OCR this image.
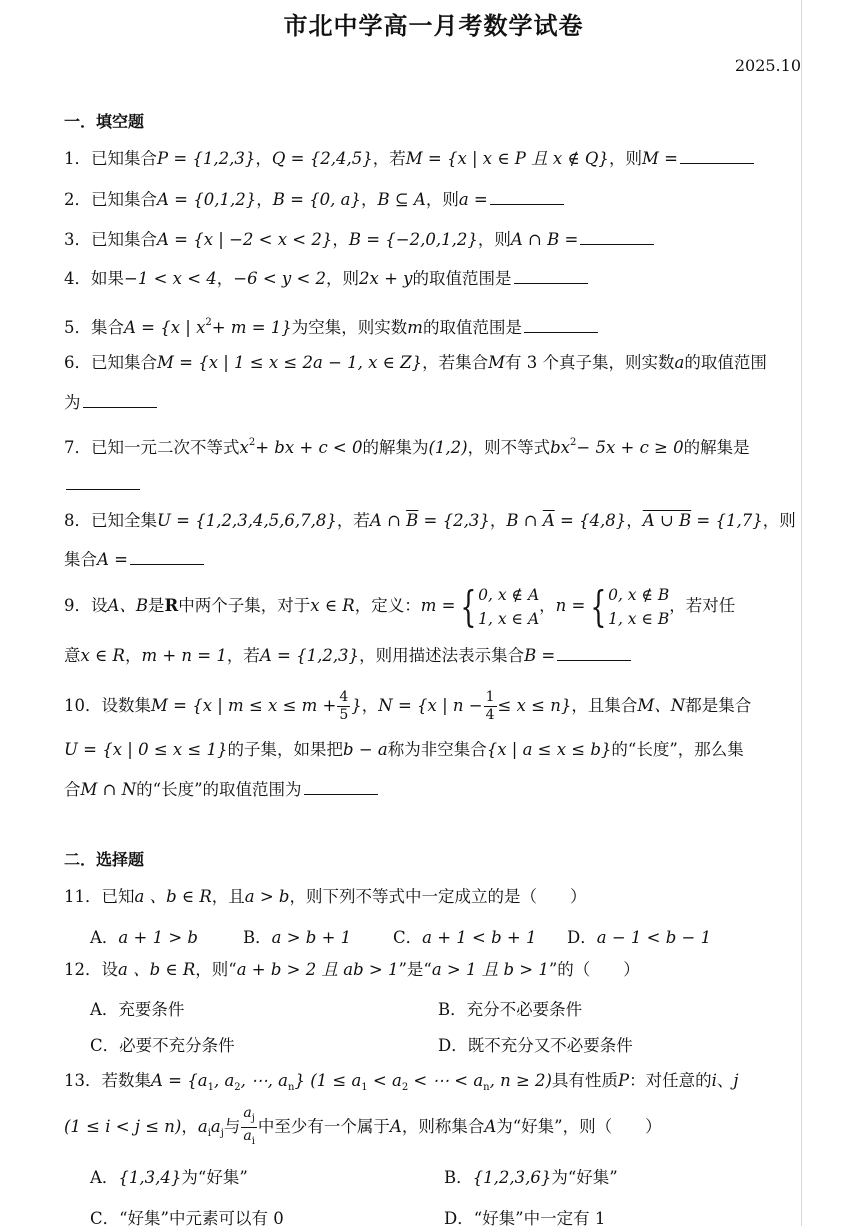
市北中学高一月考数学试卷
2025.10
一．填空题
1．已知集合P = {1,2,3}，Q = {2,4,5}，若M = {x | x ∈ P 且 x ∉ Q}，则M =
2．已知集合A = {0,1,2}，B = {0, a}，B ⊆ A，则a =
3．已知集合A = {x | −2 < x < 2}，B = {−2,0,1,2}，则A ∩ B =
4．如果−1 < x < 4，−6 < y < 2，则2x + y的取值范围是
5．集合A = {x | $x^2+ m = 1$}为空集，则实数m的取值范围是
6．已知集合M = {x | 1 ≤ x ≤ 2a − 1, x ∈ Z}，若集合M有 3 个真子集，则实数a的取值范围
为
7．已知一元二次不等式$x^2+$ bx + c < 0的解集为(1,2)，则不等式$bx^2- 5x + c \ge 0$的解集是
8．已知全集U = {1,2,3,4,5,6,7,8}，若A ∩ $\overline{B} = \{2,3\}$，B ∩ $\overline{A} = \{4,8\}$，A ∪ B = {1,7}，则
集合A =
9．设A、B是R中两个子集，对于x ∈ R，定义：m = { 0, x ∉ A
1, x ∈ A
，n = { 0, x ∉ B
1, x ∈ B
，若对任
意x ∈ R，m + n = 1，若A = {1,2,3}，则用描述法表示集合B =
10．设数集M = {x | $m \le x \le m + \frac{4}{5}$ }，N = {x | $n - \frac{1}{4} \le x \le n$}，且集合M、N都是集合
U = {x | 0 ≤ x ≤ 1}的子集，如果把b − a称为非空集合{x | a ≤ x ≤ b}的“长度”，那么集
合M ∩ N的“长度”的取值范围为
二．选择题
11．已知a 、b ∈ R，且a > b，则下列不等式中一定成立的是（　　）
A．a + 1 > b	B．a > b + 1	C．a + 1 < b + 1 D．a − 1 < b − 1
12．设a 、b ∈ R，则“a + b > 2 且 ab > 1”是“a > 1 且 b > 1”的（　　）
A．充要条件	B．充分不必要条件
C．必要不充分条件	D．既不充分又不必要条件
13．若数集$A = \{a_1$, $a_2$, ⋯, $a_n$} ($1 \le a_1 < a_2$ < ⋯ < $a_n$, n ≥ 2)具有性质P：对任意的i、j
(1 ≤ i < j ≤ n)，$a_ia_j$与 $\frac{a_j}{a_i}$ 中至少有一个属于A，则称集合A为“好集”，则（　　）
A．{1,3,4}为“好集”	B．{1,2,3,6}为“好集”
C．“好集”中元素可以有 0	D．“好集”中一定有 1
